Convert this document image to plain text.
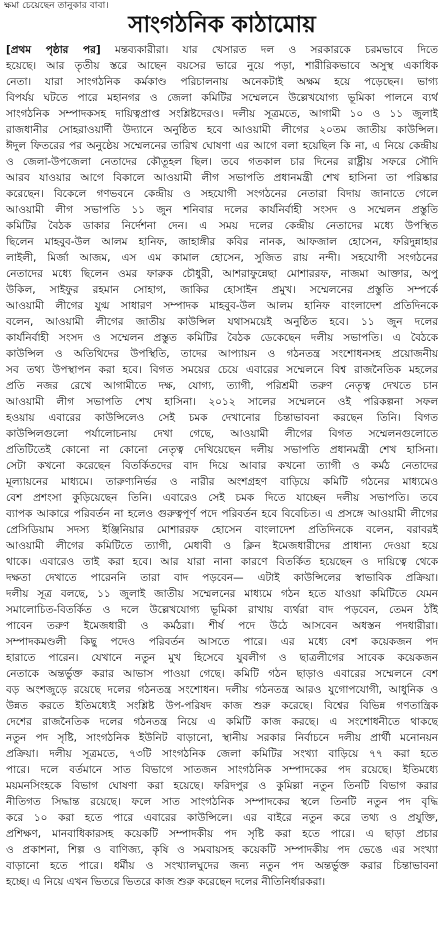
ক্ষমা চেয়েছেন তানুকার বাবা।
সাংগঠনিক কাঠামোয়
[প্রথম পৃষ্ঠার পর] মন্তব্যকারীরা। যার খেসারত দল ও সরকারকে চরমভাবে দিতে
হয়েছে। আর তৃতীয় স্তরে আছেন বয়সের ভারে নুয়ে পড়া, শারীরিকভাবে অসুস্থ একাধিক
নেতা। যারা সাংগঠনিক কর্মকাণ্ড পরিচালনায় অনেকটাই অক্ষম হয়ে পড়েছেন। ভাগ্য
বিপর্যয় ঘটতে পারে মহানগর ও জেলা কমিটির সম্মেলনে উল্লেখযোগ্য ভূমিকা পালনে ব্যর্থ
সাংগঠনিক সম্পাদকসহ দায়িত্বপ্রাপ্ত সংশ্লিষ্টদেরও। দলীয় সূত্রমতে, আগামী ১০ ও ১১ জুলাই
রাজধানীর সোহরাওয়ার্দী উদ্যানে অনুষ্ঠিত হবে আওয়ামী লীগের ২০তম জাতীয় কাউন্সিল।
ঈদুল ফিতরের পর অনুষ্ঠেয় সম্মেলনের তারিখ ঘোষণা এর আগে বলা হয়েছিল কি না, এ নিয়ে কেন্দ্রীয়
ও জেলা-উপজেলা নেতাদের কৌতূহল ছিল। তবে গতকাল চার দিনের রাষ্ট্রীয় সফরে সৌদি
আরব যাওয়ার আগে বিকালে আওয়ামী লীগ সভাপতি প্রধানমন্ত্রী শেখ হাসিনা তা পরিষ্কার
করেছেন। বিকেলে গণভবনে কেন্দ্রীয় ও সহযোগী সংগঠনের নেতারা বিদায় জানাতে গেলে
আওয়ামী লীগ সভাপতি ১১ জুন শনিবার দলের কার্যনির্বাহী সংসদ ও সম্মেলন প্রস্তুতি
কমিটির বৈঠক ডাকার নির্দেশনা দেন। এ সময় দলের কেন্দ্রীয় নেতাদের মধ্যে উপস্থিত
ছিলেন মাহবুব-উল আলম হানিফ, জাহাঙ্গীর কবির নানক, আফজাল হোসেন, ফরিদুন্নাহার
লাইলী, মির্জা আজম, এস এম কামাল হোসেন, সুজিত রায় নন্দী। সহযোগী সংগঠনের
নেতাদের মধ্যে ছিলেন ওমর ফারুক চৌধুরী, আশরাফুন্নেছা মোশাররফ, নাজমা আক্তার, অপু
উকিল, সাইফুর রহমান সোহাগ, জাকির হোসাইন প্রমুখ। সম্মেলনের প্রস্তুতি সম্পর্কে
আওয়ামী লীগের যুগ্ম সাধারণ সম্পাদক মাহবুব-উল আলম হানিফ বাংলাদেশ প্রতিদিনকে
বলেন, আওয়ামী লীগের জাতীয় কাউন্সিল যথাসময়েই অনুষ্ঠিত হবে। ১১ জুন দলের
কার্যনির্বাহী সংসদ ও সম্মেলন প্রস্তুত কমিটির বৈঠক ডেকেছেন দলীয় সভাপতি। এ বৈঠকে
কাউন্সিল ও অতিথিদের উপস্থিতি, তাদের আপ্যায়ন ও গঠনতন্ত্র সংশোধনসহ প্রয়োজনীয়
সব তথ্য উপস্থাপন করা হবে। বিগত সময়ের চেয়ে এবারের সম্মেলনে বিশ্ব রাজনৈতিক মহলের
প্রতি নজর রেখে আগামীতে দক্ষ, যোগ্য, ত্যাগী, পরিশ্রমী তরুণ নেতৃত্ব দেখতে চান
আওয়ামী লীগ সভাপতি শেখ হাসিনা। ২০১২ সালের সম্মেলনে ওই পরিকল্পনা সফল
হওয়ায় এবারের কাউন্সিলেও সেই চমক দেখানোর চিন্তাভাবনা করছেন তিনি। বিগত
কাউন্সিলগুলো পর্যালোচনায় দেখা গেছে, আওয়ামী লীগের বিগত সম্মেলনগুলোতে
প্রতিটিতেই কোনো না কোনো নেতৃত্ব দেখিয়েছেন দলীয় সভাপতি প্রধানমন্ত্রী শেখ হাসিনা।
সেটা কখনো করেছেন বিতর্কিতদের বাদ দিয়ে আবার কখনো ত্যাগী ও কর্মঠ নেতাদের
মূল্যায়নের মাধ্যমে। তারুণ্যনির্ভর ও নারীর অংশগ্রহণ বাড়িয়ে কমিটি গঠনের মাধ্যমেও
বেশ প্রশংসা কুড়িয়েছেন তিনি। এবারেও সেই চমক দিতে যাচ্ছেন দলীয় সভাপতি। তবে
ব্যাপক আকারে পরিবর্তন না হলেও গুরুত্বপূর্ণ পদে পরিবর্তন হবে বিবেচিত। এ প্রসঙ্গে আওয়ামী লীগের
প্রেসিডিয়াম সদস্য ইঞ্জিনিয়ার মোশাররফ হোসেন বাংলাদেশ প্রতিদিনকে বলেন, বরাবরই
আওয়ামী লীগের কমিটিতে ত্যাগী, মেধাবী ও ক্লিন ইমেজধারীদের প্রাধান্য দেওয়া হয়ে
থাকে। এবারেও তাই করা হবে। আর যারা নানা কারণে বিতর্কিত হয়েছেন ও দায়িত্বে থেকে
দক্ষতা দেখাতে পারেননি তারা বাদ পড়বেন— এটাই কাউন্সিলের স্বাভাবিক প্রক্রিয়া।
দলীয় সূত্র বলছে, ১১ জুলাই জাতীয় সম্মেলনের মাধ্যমে গঠন হতে যাওয়া কমিটিতে যেমন
সমালোচিত-বিতর্কিত ও দলে উল্লেখযোগ্য ভূমিকা রাখায় ব্যর্থরা বাদ পড়বেন, তেমন ঠাঁই
পাবেন তরুণ ইমেজধারী ও কর্মঠরা। শীর্ষ পদে উঠে আসবেন অধস্তন পদধারীরা।
সম্পাদকমণ্ডলী কিছু পদেও পরিবর্তন আসতে পারে। এর মধ্যে বেশ কয়েকজন পদ
হারাতে পারেন। যেখানে নতুন মুখ হিসেবে যুবলীগ ও ছাত্রলীগের সাবেক কয়েকজন
নেতাকে অন্তর্ভুক্ত করার আভাস পাওয়া গেছে। কমিটি গঠন ছাড়াও এবারের সম্মেলনে বেশ
বড় অংশজুড়ে রয়েছে দলের গঠনতন্ত্র সংশোধন। দলীয় গঠনতন্ত্র আরও যুগোপযোগী, আধুনিক ও
উন্নত করতে ইতিমধ্যেই সংশ্লিষ্ট উপ-পরিষদ কাজ শুরু করেছে। বিশ্বের বিভিন্ন গণতান্ত্রিক
দেশের রাজনৈতিক দলের গঠনতন্ত্র নিয়ে এ কমিটি কাজ করছে। এ সংশোধনীতে থাকছে
নতুন পদ সৃষ্টি, সাংগঠনিক ইউনিট বাড়ানো, স্থানীয় সরকার নির্বাচনে দলীয় প্রার্থী মনোনয়ন
প্রক্রিয়া। দলীয় সূত্রমতে, ৭৩টি সাংগঠনিক জেলা কমিটির সংখ্যা বাড়িয়ে ৭৭ করা হতে
পারে। দলে বর্তমানে সাত বিভাগে সাতজন সাংগঠনিক সম্পাদকের পদ রয়েছে। ইতিমধ্যে
ময়মনসিংহকে বিভাগ ঘোষণা করা হয়েছে। ফরিদপুর ও কুমিল্লা নতুন তিনটি বিভাগ করার
নীতিগত সিদ্ধান্ত রয়েছে। ফলে সাত সাংগঠনিক সম্পাদকের স্থলে তিনটি নতুন পদ বৃদ্ধি
করে ১০ করা হতে পারে এবারের কাউন্সিলে। এর বাইরে নতুন করে তথ্য ও প্রযুক্তি,
প্রশিক্ষণ, মানবাধিকারসহ কয়েকটি সম্পাদকীয় পদ সৃষ্টি করা হতে পারে। এ ছাড়া প্রচার
ও প্রকাশনা, শিল্প ও বাণিজ্য, কৃষি ও সমবায়সহ কয়েকটি সম্পাদকীয় পদ ভেঙে এর সংখ্যা
বাড়ানো হতে পারে। ধর্মীয় ও সংখ্যালঘুদের জন্য নতুন পদ অন্তর্ভুক্ত করার চিন্তাভাবনা
হচ্ছে। এ নিয়ে এখন ভিতরে ভিতরে কাজ শুরু করেছেন দলের নীতিনির্ধারকরা।
